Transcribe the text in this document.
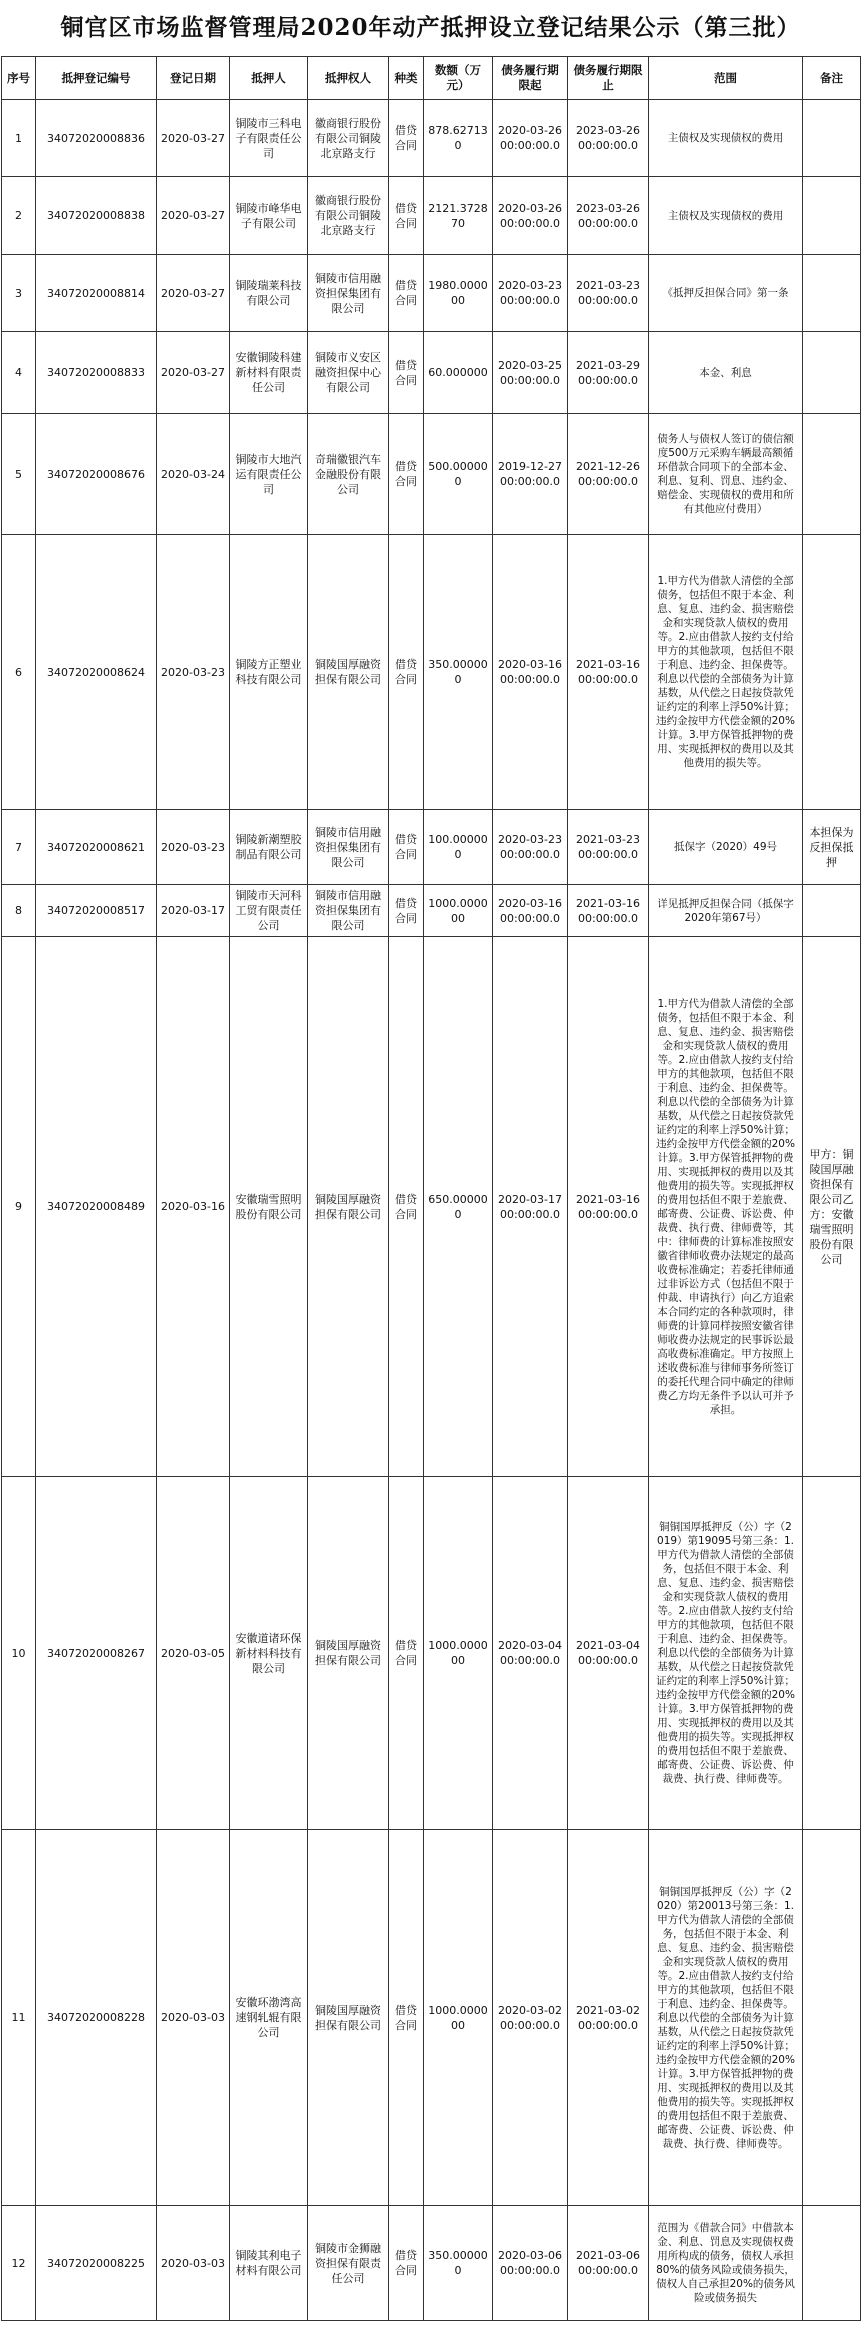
铜官区市场监督管理局2020年动产抵押设立登记结果公示（第三批）
序号	抵押登记编号	登记日期	抵押人	抵押权人	种类	数额（万元）	债务履行期限起	债务履行期限止	范围	备注
1	34072020008836	2020-03-27	铜陵市三科电子有限责任公司	徽商银行股份有限公司铜陵北京路支行	借贷合同	878.627130	2020-03-26 00:00:00.0	2023-03-26 00:00:00.0	主债权及实现债权的费用	
2	34072020008838	2020-03-27	铜陵市峰华电子有限公司	徽商银行股份有限公司铜陵北京路支行	借贷合同	2121.372870	2020-03-26 00:00:00.0	2023-03-26 00:00:00.0	主债权及实现债权的费用	
3	34072020008814	2020-03-27	铜陵瑞莱科技有限公司	铜陵市信用融资担保集团有限公司	借贷合同	1980.000000	2020-03-23 00:00:00.0	2021-03-23 00:00:00.0	《抵押反担保合同》第一条	
4	34072020008833	2020-03-27	安徽铜陵科建新材料有限责任公司	铜陵市义安区融资担保中心有限公司	借贷合同	60.000000	2020-03-25 00:00:00.0	2021-03-29 00:00:00.0	本金、利息	
5	34072020008676	2020-03-24	铜陵市大地汽运有限责任公司	奇瑞徽银汽车金融股份有限公司	借贷合同	500.000000	2019-12-27 00:00:00.0	2021-12-26 00:00:00.0	债务人与债权人签订的债信额度500万元采购车辆最高额循环借款合同项下的全部本金、利息、复利、罚息、违约金、赔偿金、实现债权的费用和所有其他应付费用）	
6	34072020008624	2020-03-23	铜陵方正塑业科技有限公司	铜陵国厚融资担保有限公司	借贷合同	350.000000	2020-03-16 00:00:00.0	2021-03-16 00:00:00.0	1.甲方代为借款人清偿的全部债务，包括但不限于本金、利息、复息、违约金、损害赔偿金和实现贷款人债权的费用等。2.应由借款人按约支付给甲方的其他款项，包括但不限于利息、违约金、担保费等。利息以代偿的全部债务为计算基数，从代偿之日起按贷款凭证约定的利率上浮50%计算；违约金按甲方代偿金额的20%计算。3.甲方保管抵押物的费用、实现抵押权的费用以及其他费用的损失等。	
7	34072020008621	2020-03-23	铜陵新潮塑胶制品有限公司	铜陵市信用融资担保集团有限公司	借贷合同	100.000000	2020-03-23 00:00:00.0	2021-03-23 00:00:00.0	抵保字（2020）49号	本担保为反担保抵押
8	34072020008517	2020-03-17	铜陵市天河科工贸有限责任公司	铜陵市信用融资担保集团有限公司	借贷合同	1000.000000	2020-03-16 00:00:00.0	2021-03-16 00:00:00.0	详见抵押反担保合同（抵保字2020年第67号）	
9	34072020008489	2020-03-16	安徽瑞雪照明股份有限公司	铜陵国厚融资担保有限公司	借贷合同	650.000000	2020-03-17 00:00:00.0	2021-03-16 00:00:00.0	1.甲方代为借款人清偿的全部债务，包括但不限于本金、利息、复息、违约金、损害赔偿金和实现贷款人债权的费用等。2.应由借款人按约支付给甲方的其他款项，包括但不限于利息、违约金、担保费等。利息以代偿的全部债务为计算基数，从代偿之日起按贷款凭证约定的利率上浮50%计算；违约金按甲方代偿金额的20%计算。3.甲方保管抵押物的费用、实现抵押权的费用以及其他费用的损失等。实现抵押权的费用包括但不限于差旅费、邮寄费、公证费、诉讼费、仲裁费、执行费、律师费等，其中：律师费的计算标准按照安徽省律师收费办法规定的最高收费标准确定；若委托律师通过非诉讼方式（包括但不限于仲裁、申请执行）向乙方追索本合同约定的各种款项时，律师费的计算同样按照安徽省律师收费办法规定的民事诉讼最高收费标准确定。甲方按照上述收费标准与律师事务所签订的委托代理合同中确定的律师费乙方均无条件予以认可并予承担。	甲方：铜陵国厚融资担保有限公司乙方：安徽瑞雪照明股份有限公司
10	34072020008267	2020-03-05	安徽道诸环保新材料科技有限公司	铜陵国厚融资担保有限公司	借贷合同	1000.000000	2020-03-04 00:00:00.0	2021-03-04 00:00:00.0	铜铜国厚抵押反（公）字（2019）第19095号第三条：1.甲方代为借款人清偿的全部债务，包括但不限于本金、利息、复息、违约金、损害赔偿金和实现贷款人债权的费用等。2.应由借款人按约支付给甲方的其他款项，包括但不限于利息、违约金、担保费等。利息以代偿的全部债务为计算基数，从代偿之日起按贷款凭证约定的利率上浮50%计算；违约金按甲方代偿金额的20%计算。3.甲方保管抵押物的费用、实现抵押权的费用以及其他费用的损失等。实现抵押权的费用包括但不限于差旅费、邮寄费、公证费、诉讼费、仲裁费、执行费、律师费等。	
11	34072020008228	2020-03-03	安徽环渤湾高速钢轧辊有限公司	铜陵国厚融资担保有限公司	借贷合同	1000.000000	2020-03-02 00:00:00.0	2021-03-02 00:00:00.0	铜铜国厚抵押反（公）字（2020）第20013号第三条：1.甲方代为借款人清偿的全部债务，包括但不限于本金、利息、复息、违约金、损害赔偿金和实现贷款人债权的费用等。2.应由借款人按约支付给甲方的其他款项，包括但不限于利息、违约金、担保费等。利息以代偿的全部债务为计算基数，从代偿之日起按贷款凭证约定的利率上浮50%计算；违约金按甲方代偿金额的20%计算。3.甲方保管抵押物的费用、实现抵押权的费用以及其他费用的损失等。实现抵押权的费用包括但不限于差旅费、邮寄费、公证费、诉讼费、仲裁费、执行费、律师费等。	
12	34072020008225	2020-03-03	铜陵其利电子材料有限公司	铜陵市金狮融资担保有限责任公司	借贷合同	350.000000	2020-03-06 00:00:00.0	2021-03-06 00:00:00.0	范围为《借款合同》中借款本金、利息、罚息及实现债权费用所构成的债务，债权人承担80%的债务风险或债务损失，债权人自己承担20%的债务风险或债务损失	
